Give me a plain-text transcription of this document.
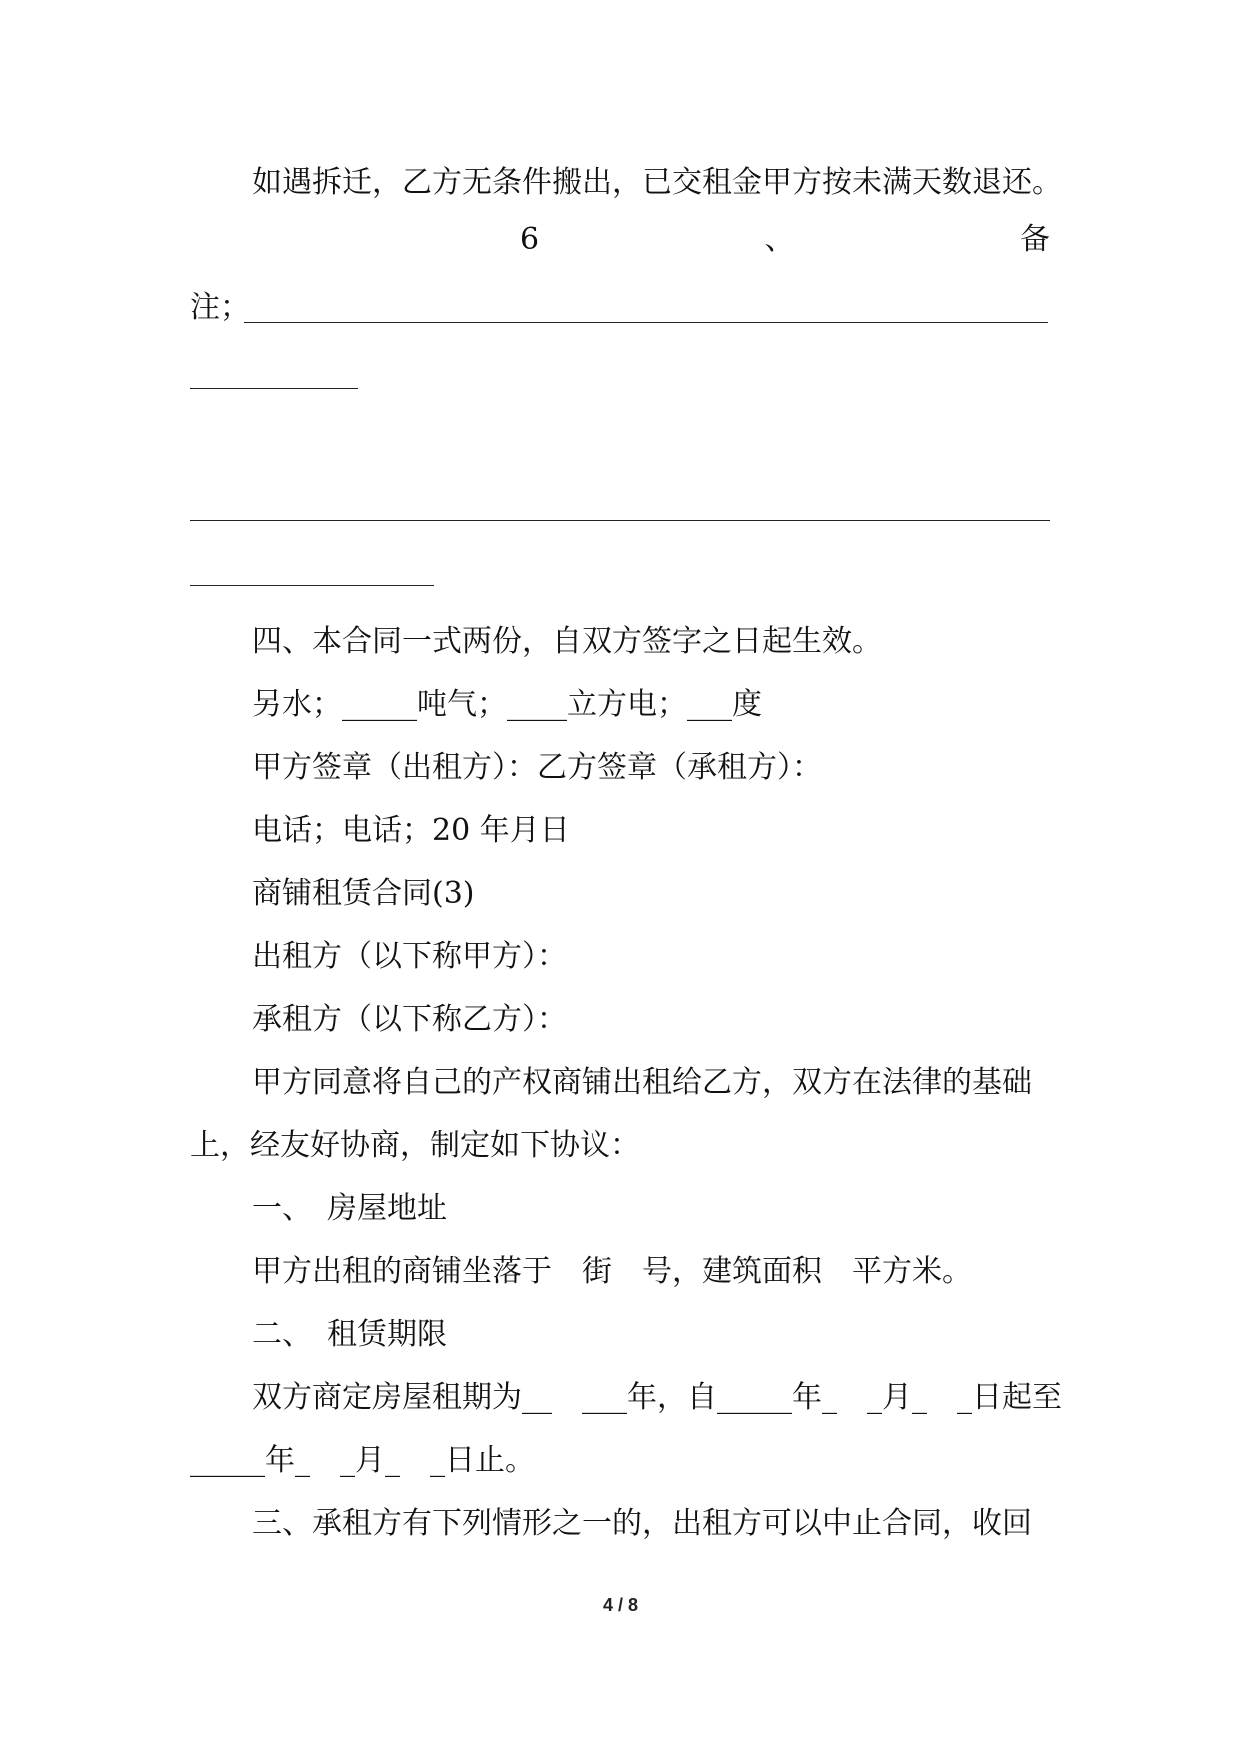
如遇拆迁，乙方无条件搬出，已交租金甲方按未满天数退还。
6	、	备
注；
四、本合同一式两份，自双方签字之日起生效。
另水；_____吨气；____立方电；___度
甲方签章（出租方）：乙方签章（承租方）：
电话；电话；20 年月日
商铺租赁合同(3)
出租方（以下称甲方）：
承租方（以下称乙方）：
甲方同意将自己的产权商铺出租给乙方，双方在法律的基础
上，经友好协商，制定如下协议：
一、　房屋地址
甲方出租的商铺坐落于　街　号，建筑面积　平方米。
二、　租赁期限
双方商定房屋租期为__　___年，自_____年_　_月_　_日起至
_____年_　_月_　_日止。
三、承租方有下列情形之一的，出租方可以中止合同，收回
4 / 8
